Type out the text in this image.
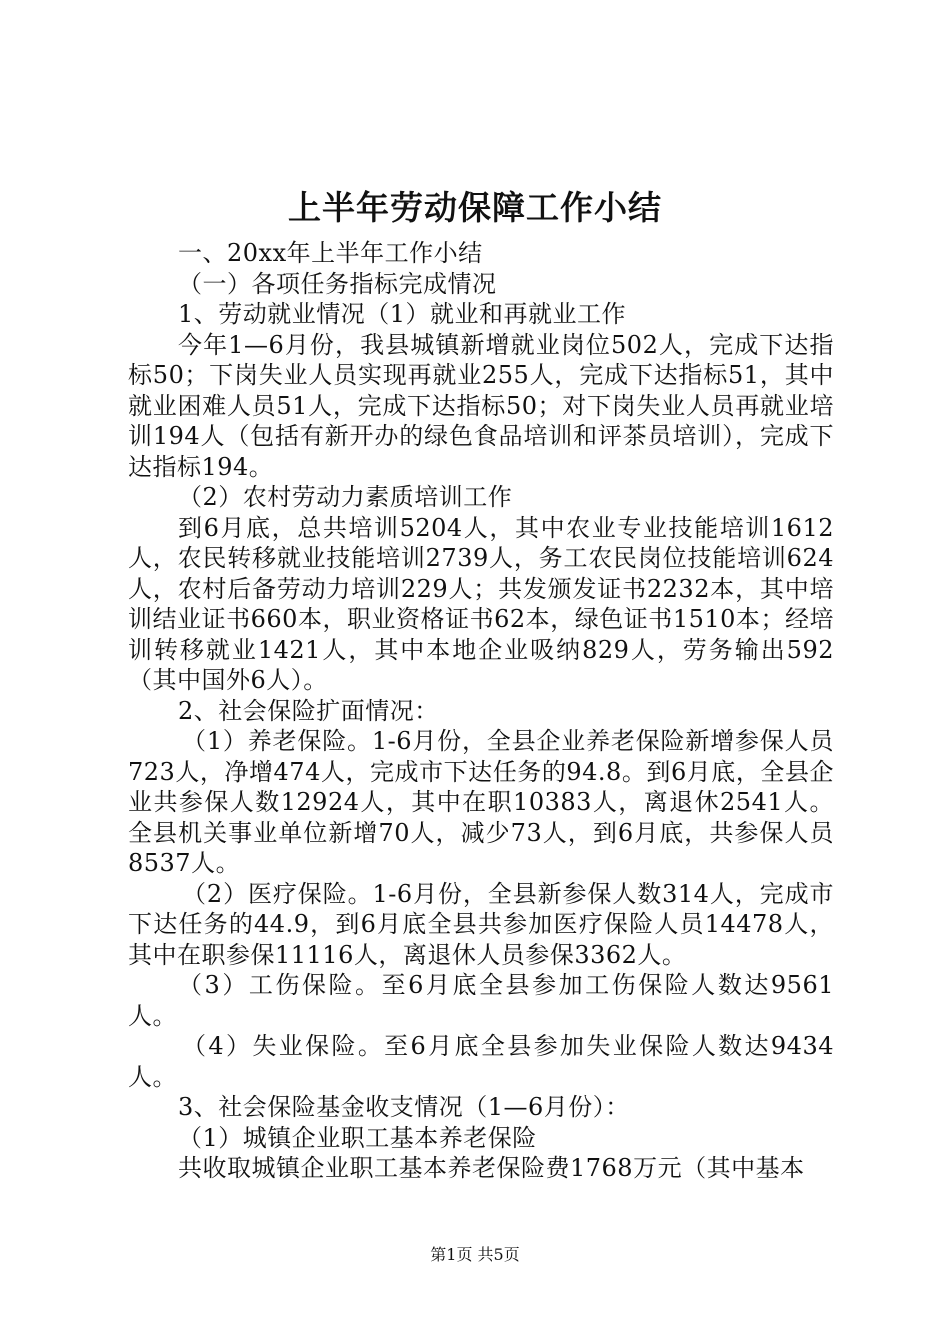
上半年劳动保障工作小结

一、20xx年上半年工作小结

（一）各项任务指标完成情况

1、劳动就业情况（1）就业和再就业工作

今年1—6月份，我县城镇新增就业岗位502人，完成下达指标50；下岗失业人员实现再就业255人，完成下达指标51，其中就业困难人员51人，完成下达指标50；对下岗失业人员再就业培训194人（包括有新开办的绿色食品培训和评茶员培训），完成下达指标194。

（2）农村劳动力素质培训工作

到6月底，总共培训5204人，其中农业专业技能培训1612人，农民转移就业技能培训2739人，务工农民岗位技能培训624人，农村后备劳动力培训229人；共发颁发证书2232本，其中培训结业证书660本，职业资格证书62本，绿色证书1510本；经培训转移就业1421人，其中本地企业吸纳829人，劳务输出592（其中国外6人）。

2、社会保险扩面情况：

（1）养老保险。1-6月份，全县企业养老保险新增参保人员723人，净增474人，完成市下达任务的94.8。到6月底，全县企业共参保人数12924人，其中在职10383人，离退休2541人。全县机关事业单位新增70人，减少73人，到6月底，共参保人员8537人。

（2）医疗保险。1-6月份，全县新参保人数314人，完成市下达任务的44.9，到6月底全县共参加医疗保险人员14478人，其中在职参保11116人，离退休人员参保3362人。

（3）工伤保险。至6月底全县参加工伤保险人数达9561人。

（4）失业保险。至6月底全县参加失业保险人数达9434人。

3、社会保险基金收支情况（1—6月份）：

（1）城镇企业职工基本养老保险

共收取城镇企业职工基本养老保险费1768万元（其中基本

第1页 共5页
